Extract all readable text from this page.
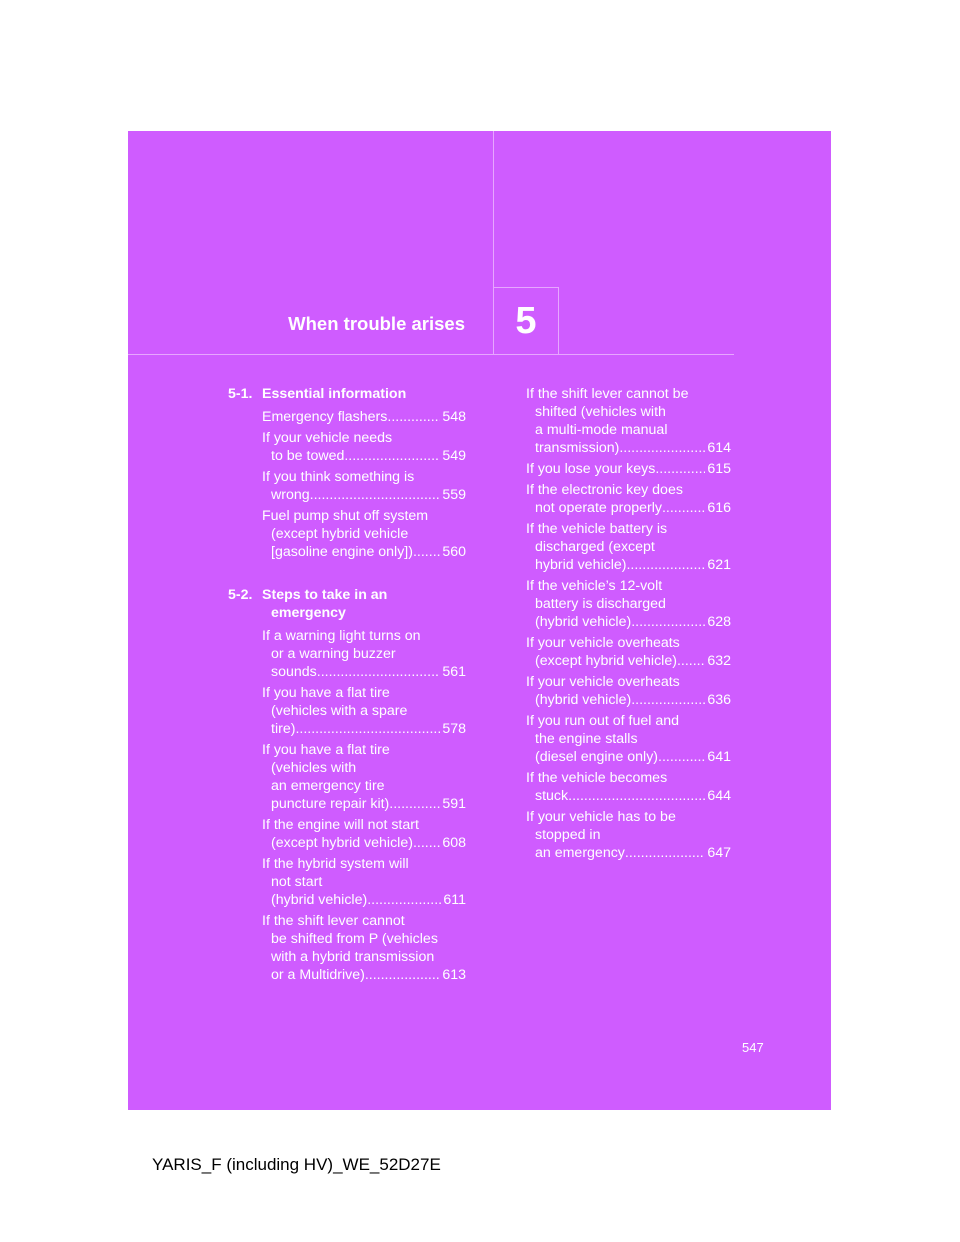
When trouble arises	5
5-1. Essential information
Emergency flashers .....	548
If your vehicle needs
to be towed .....	549
If you think something is
wrong .....	559
Fuel pump shut off system
(except hybrid vehicle
[gasoline engine only]) ..... 560
5-2. Steps to take in an
emergency
If a warning light turns on
or a warning buzzer
sounds... .....	561
If you have a flat tire
(vehicles with a spare
tire) .....	578
If you have a flat tire
(vehicles with
an emergency tire
puncture repair kit) .....	591
If the engine will not start
(except hybrid vehicle) ..... 608
If the hybrid system will
not start
(hybrid vehicle) .....	611
If the shift lever cannot
be shifted from P (vehicles
with a hybrid transmission
or a Multidrive) .....	613
If the shift lever cannot be
shifted (vehicles with
a multi-mode manual
transmission) .....	614
If you lose your keys .....	615
If the electronic key does
not operate properly .....	616
If the vehicle battery is
discharged (except
hybrid vehicle) .....	621
If the vehicle’s 12-volt
battery is discharged
(hybrid vehicle) .....	628
If your vehicle overheats
(except hybrid vehicle) ..... 632
If your vehicle overheats
(hybrid vehicle) .....	636
If you run out of fuel and
the engine stalls
(diesel engine only) .....	641
If the vehicle becomes
stuck .....	644
If your vehicle has to be
stopped in
an emergency .....	647
547
YARIS_F (including HV)_WE_52D27E
